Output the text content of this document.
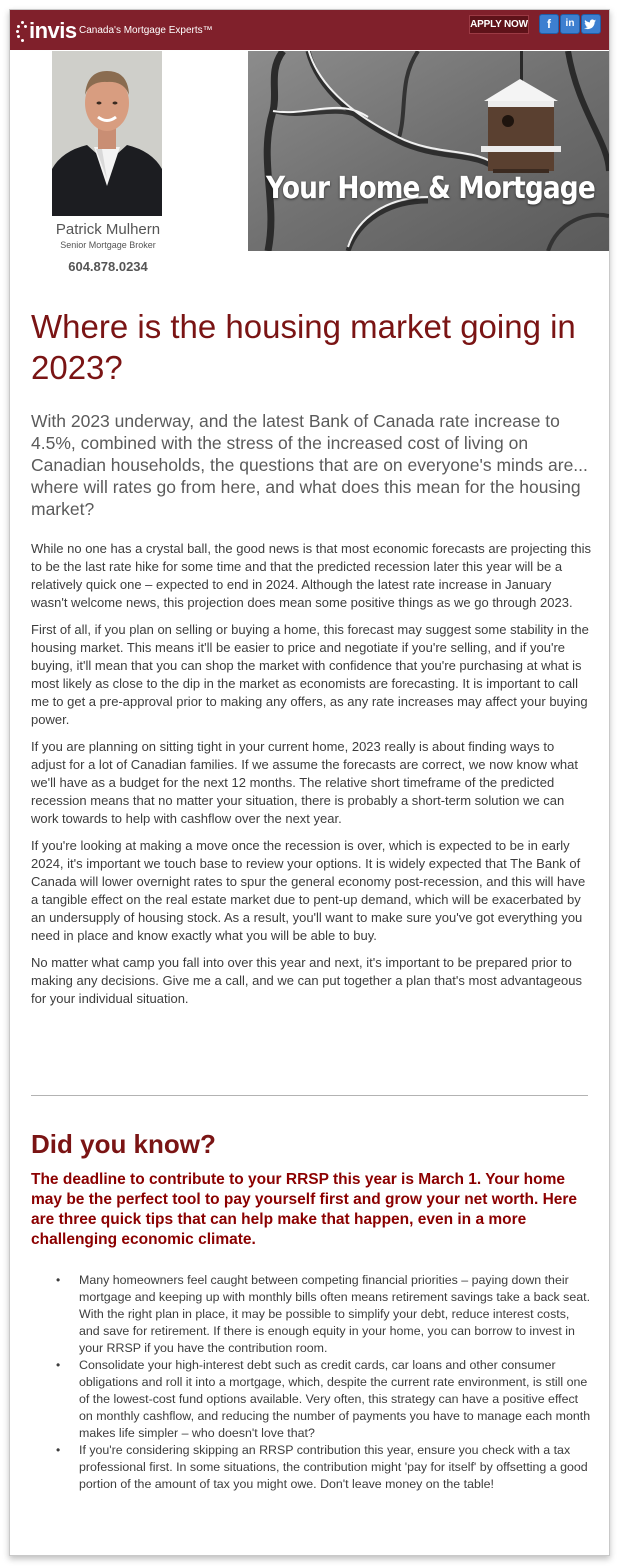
invis Canada's Mortgage Experts™
APPLY NOW	f	in
Patrick Mulhern
Senior Mortgage Broker
604.878.0234
Your Home & Mortgage
Where is the housing market going in 2023?

With 2023 underway, and the latest Bank of Canada rate increase to 4.5%, combined with the stress of the increased cost of living on Canadian households, the questions that are on everyone's minds are... where will rates go from here, and what does this mean for the housing market?

While no one has a crystal ball, the good news is that most economic forecasts are projecting this to be the last rate hike for some time and that the predicted recession later this year will be a relatively quick one – expected to end in 2024. Although the latest rate increase in January wasn't welcome news, this projection does mean some positive things as we go through 2023.

First of all, if you plan on selling or buying a home, this forecast may suggest some stability in the housing market. This means it'll be easier to price and negotiate if you're selling, and if you're buying, it'll mean that you can shop the market with confidence that you're purchasing at what is most likely as close to the dip in the market as economists are forecasting. It is important to call me to get a pre-approval prior to making any offers, as any rate increases may affect your buying power.

If you are planning on sitting tight in your current home, 2023 really is about finding ways to adjust for a lot of Canadian families. If we assume the forecasts are correct, we now know what we'll have as a budget for the next 12 months. The relative short timeframe of the predicted recession means that no matter your situation, there is probably a short-term solution we can work towards to help with cashflow over the next year.

If you're looking at making a move once the recession is over, which is expected to be in early 2024, it's important we touch base to review your options. It is widely expected that The Bank of Canada will lower overnight rates to spur the general economy post-recession, and this will have a tangible effect on the real estate market due to pent-up demand, which will be exacerbated by an undersupply of housing stock. As a result, you'll want to make sure you've got everything you need in place and know exactly what you will be able to buy.

No matter what camp you fall into over this year and next, it's important to be prepared prior to making any decisions. Give me a call, and we can put together a plan that's most advantageous for your individual situation.

Did you know?

The deadline to contribute to your RRSP this year is March 1. Your home may be the perfect tool to pay yourself first and grow your net worth. Here are three quick tips that can help make that happen, even in a more challenging economic climate.

• Many homeowners feel caught between competing financial priorities – paying down their mortgage and keeping up with monthly bills often means retirement savings take a back seat. With the right plan in place, it may be possible to simplify your debt, reduce interest costs, and save for retirement. If there is enough equity in your home, you can borrow to invest in your RRSP if you have the contribution room.
• Consolidate your high-interest debt such as credit cards, car loans and other consumer obligations and roll it into a mortgage, which, despite the current rate environment, is still one of the lowest-cost fund options available. Very often, this strategy can have a positive effect on monthly cashflow, and reducing the number of payments you have to manage each month makes life simpler – who doesn't love that?
• If you're considering skipping an RRSP contribution this year, ensure you check with a tax professional first. In some situations, the contribution might 'pay for itself' by offsetting a good portion of the amount of tax you might owe. Don't leave money on the table!
